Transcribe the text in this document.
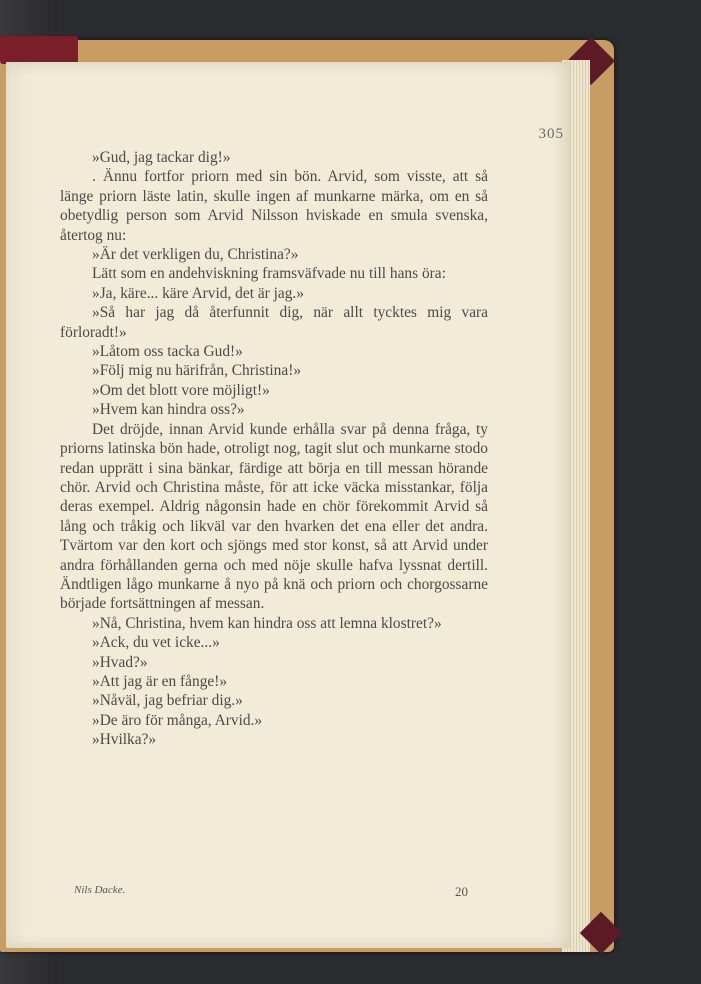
305

»Gud, jag tackar dig!»

. Ännu fortfor priorn med sin bön. Arvid, som visste, att så länge priorn läste latin, skulle ingen af munkarne märka, om en så obetydlig person som Arvid Nilsson hviskade en smula svenska, återtog nu:

»Är det verkligen du, Christina?»

Lätt som en andehviskning framsväfvade nu till hans öra:

»Ja, käre... käre Arvid, det är jag.»

»Så har jag då återfunnit dig, när allt tycktes mig vara förloradt!»

»Låtom oss tacka Gud!»

»Följ mig nu härifrån, Christina!»

»Om det blott vore möjligt!»

»Hvem kan hindra oss?»

Det dröjde, innan Arvid kunde erhålla svar på denna fråga, ty priorns latinska bön hade, otroligt nog, tagit slut och munkarne stodo redan upprätt i sina bänkar, färdige att börja en till messan hörande chör. Arvid och Christina måste, för att icke väcka misstankar, följa deras exempel. Aldrig någonsin hade en chör förekommit Arvid så lång och tråkig och likväl var den hvarken det ena eller det andra. Tvärtom var den kort och sjöngs med stor konst, så att Arvid under andra förhållanden gerna och med nöje skulle hafva lyssnat dertill. Ändtligen lågo munkarne å nyo på knä och priorn och chorgossarne började fortsättningen af messan.

»Nå, Christina, hvem kan hindra oss att lemna klostret?»

»Ack, du vet icke...»

»Hvad?»

»Att jag är en fånge!»

»Nåväl, jag befriar dig.»

»De äro för många, Arvid.»

»Hvilka?»

Nils Dacke.	20
